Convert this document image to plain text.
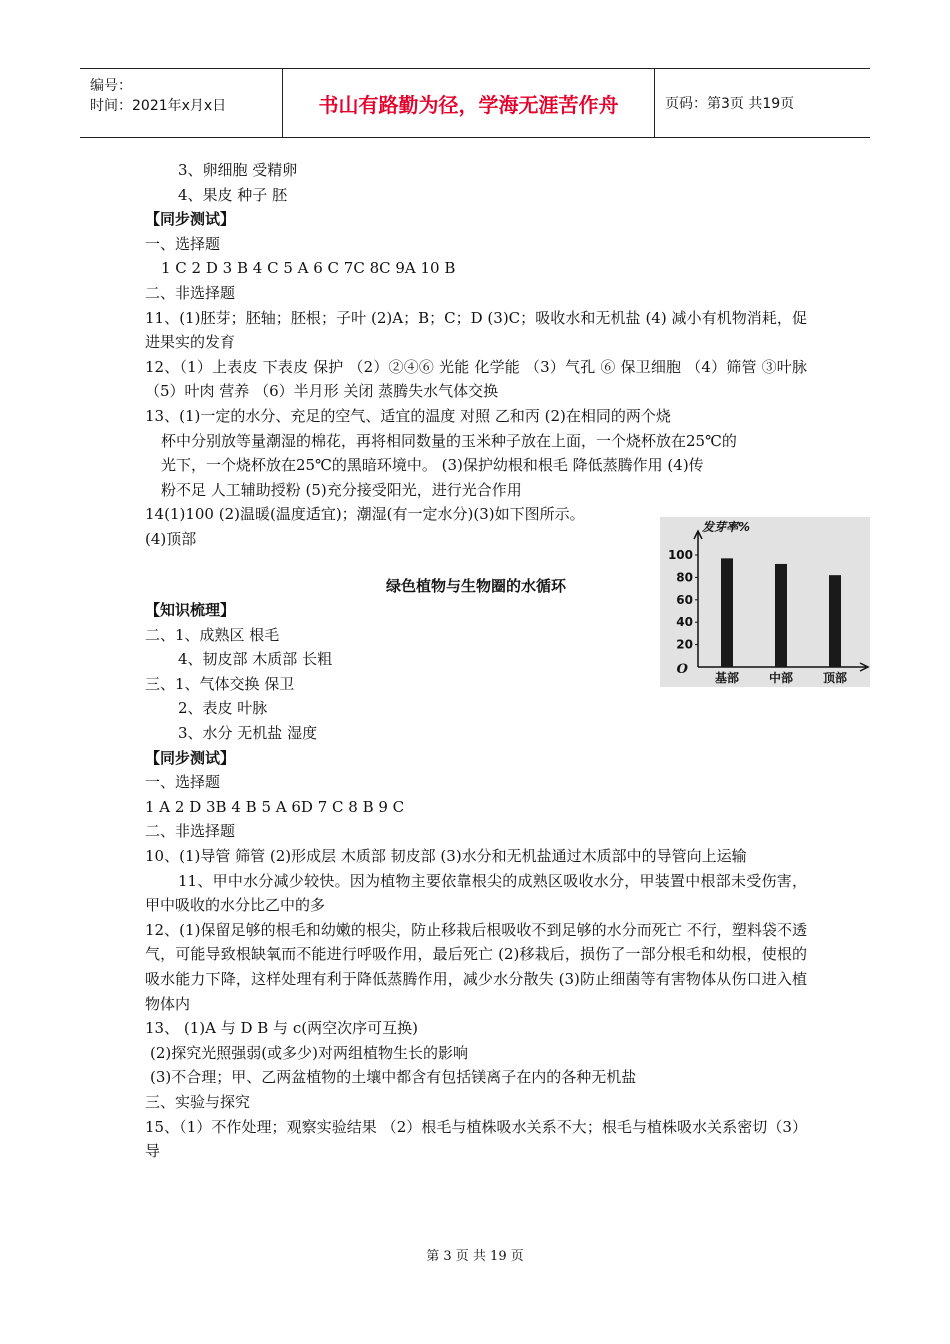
编号：
时间：2021年x月x日	书山有路勤为径，学海无涯苦作舟	页码：第3页 共19页

3、卵细胞 受精卵

4、果皮 种子 胚

【同步测试】

一、选择题

1 C 2 D 3 B 4 C 5 A 6 C 7C 8C 9A 10 B

二、非选择题

11、(1)胚芽；胚轴；胚根；子叶 (2)A；B；C；D (3)C；吸收水和无机盐 (4) 减小有机物消耗，促进果实的发育

12、（1）上表皮 下表皮 保护 （2）②④⑥ 光能 化学能 （3）气孔 ⑥ 保卫细胞 （4）筛管 ③叶脉 （5）叶肉 营养 （6）半月形 关闭 蒸腾失水气体交换

13、(1)一定的水分、充足的空气、适宜的温度 对照 乙和丙 (2)在相同的两个烧

杯中分别放等量潮湿的棉花，再将相同数量的玉米种子放在上面，一个烧杯放在25℃的

光下，一个烧杯放在25℃的黑暗环境中。 (3)保护幼根和根毛 降低蒸腾作用 (4)传

粉不足 人工辅助授粉 (5)充分接受阳光，进行光合作用

14(1)100 (2)温暖(温度适宜)；潮湿(有一定水分)(3)如下图所示。

(4)顶部

绿色植物与生物圈的水循环

【知识梳理】

二、1、成熟区 根毛

4、韧皮部 木质部 长粗

三、1、气体交换 保卫

2、表皮 叶脉

3、水分 无机盐 湿度

【同步测试】

一、选择题

1 A 2 D 3B 4 B 5 A 6D 7 C 8 B 9 C

二、非选择题

10、(1)导管 筛管 (2)形成层 木质部 韧皮部 (3)水分和无机盐通过木质部中的导管向上运输

11、甲中水分减少较快。因为植物主要依靠根尖的成熟区吸收水分，甲装置中根部未受伤害，甲中吸收的水分比乙中的多

12、(1)保留足够的根毛和幼嫩的根尖，防止移栽后根吸收不到足够的水分而死亡 不行，塑料袋不透气，可能导致根缺氧而不能进行呼吸作用，最后死亡 (2)移栽后，损伤了一部分根毛和幼根，使根的吸水能力下降，这样处理有利于降低蒸腾作用，减少水分散失 (3)防止细菌等有害物体从伤口进入植物体内

13、 (1)A 与 D B 与 c(两空次序可互换)

(2)探究光照强弱(或多少)对两组植物生长的影响

(3)不合理；甲、乙两盆植物的土壤中都含有包括镁离子在内的各种无机盐

三、实验与探究

15、（1）不作处理；观察实验结果 （2）根毛与植株吸水关系不大；根毛与植株吸水关系密切（3）导

发芽率%
100
80
60
40
20
O
基部 中部 顶部
第 3 页 共 19 页
